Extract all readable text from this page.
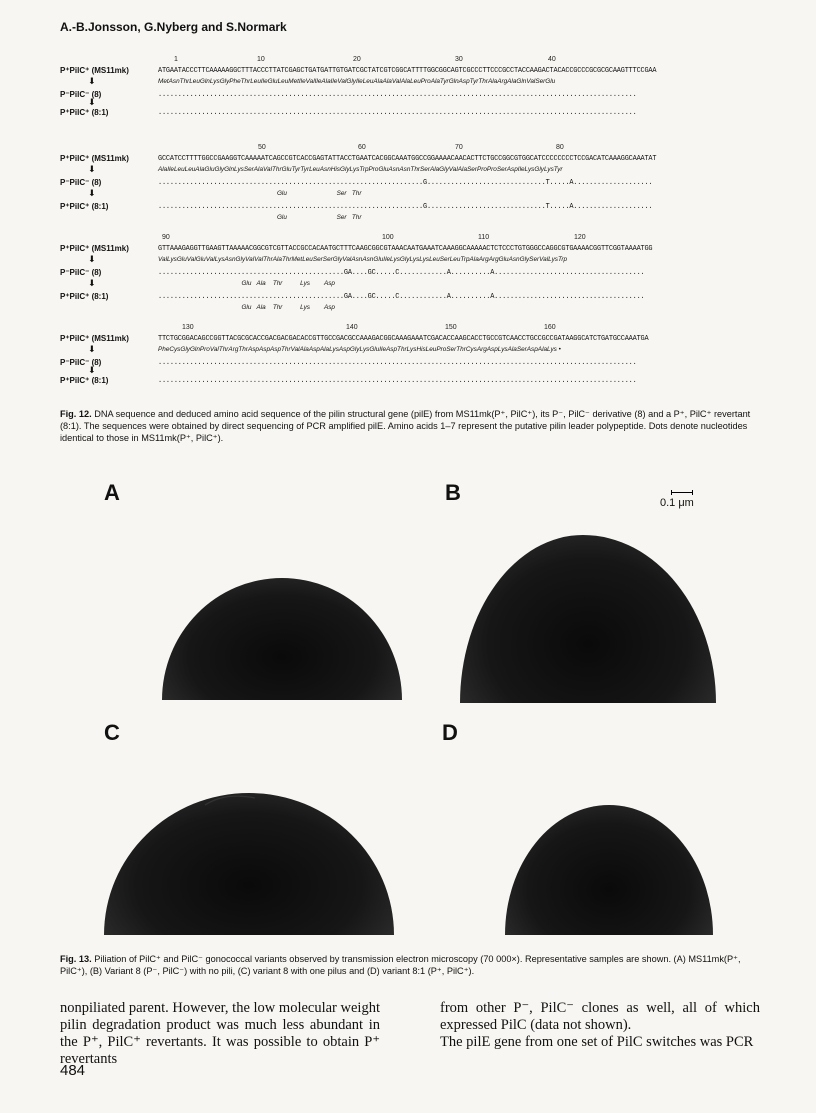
A.-B.Jonsson, G.Nyberg and S.Normark
1	10	20	30	40
P⁺PilC⁺ (MS11mk)	ATGAATACCCTTCAAAAAGGCTTTACCCTTATCGAGCTGATGATTGTGATCGCTATCGTCGGCATTTTGGCGGCAGTCGCCCTTCCCGCCTACCAAGACTACACCGCCCGCGCGCAAGTTTCCGAA
MetAsnThrLeuGlnLysGlyPheThrLeuIleGluLeuMetIleValIleAlaIleValGlyIleLeuAlaAlaValAlaLeuProAlaTyrGlnAspTyrThrAlaArgAlaGlnValSerGlu
⬇
P⁻PilC⁻ (8)	.........................................................................................................................
⬇
P⁺PilC⁺ (8:1)	.........................................................................................................................
50	60	70	80
P⁺PilC⁺ (MS11mk)	GCCATCCTTTTGGCCGAAGGTCAAAAATCAGCCGTCACCGAGTATTACCTGAATCACGGCAAATGGCCGGAAAACAACACTTCTGCCGGCGTGGCATCCCCCCCCTCCGACATCAAAGGCAAATAT
AlaIleLeuLeuAlaGluGlyGlnLysSerAlaValThrGluTyrTyrLeuAsnHisGlyLysTrpProGluAsnAsnThrSerAlaGlyValAlaSerProProSerAspIleLysGlyLysTyr
⬇
P⁻PilC⁻ (8)	...................................................................G..............................T.....A....................
Glu                            Ser   Thr
⬇
P⁺PilC⁺ (8:1)	...................................................................G..............................T.....A....................
Glu                            Ser   Thr
90	100	110	120
P⁺PilC⁺ (MS11mk)	GTTAAAGAGGTTGAAGTTAAAAACGGCGTCGTTACCGCCACAATGCTTTCAAGCGGCGTAAACAATGAAATCAAAGGCAAAAACTCTCCCTGTGGGCCAGGCGTGAAAACGGTTCGGTAAAATGG
ValLysGluValGluValLysAsnGlyValValThrAlaThrMetLeuSerSerGlyValAsnAsnGluIleLysGlyLysLysLeuSerLeuTrpAlaArgArgGluAsnGlySerValLysTrp
⬇
P⁻PilC⁻ (8)	...............................................GA....GC.....C............A..........A......................................
Glu   Ala    Thr          Lys        Asp
⬇
P⁺PilC⁺ (8:1)	...............................................GA....GC.....C............A..........A......................................
Glu   Ala    Thr          Lys        Asp
130	140	150	160
P⁺PilC⁺ (MS11mk)	TTCTGCGGACAGCCGGTTACGCGCACCGACGACGACACCGTTGCCGACGCCAAAGACGGCAAAGAAATCGACACCAAGCACCTGCCGTCAACCTGCCGCCGATAAGGCATCTGATGCCAAATGA
PheCysGlyGlnProValThrArgThrAspAspAspThrValAlaAspAlaLysAspGlyLysGluIleAspThrLysHisLeuProSerThrCysArgAspLysAlaSerAspAlaLys •
⬇
P⁻PilC⁻ (8)	.........................................................................................................................
⬇
P⁺PilC⁺ (8:1)	.........................................................................................................................
Fig. 12. DNA sequence and deduced amino acid sequence of the pilin structural gene (pilE) from MS11mk(P⁺, PilC⁺), its P⁻, PilC⁻ derivative (8) and a P⁺, PilC⁺ revertant (8:1). The sequences were obtained by direct sequencing of PCR amplified pilE. Amino acids 1–7 represent the putative pilin leader polypeptide. Dots denote nucleotides identical to those in MS11mk(P⁺, PilC⁺).
A	B
C	D
0.1 μm
Fig. 13. Piliation of PilC⁺ and PilC⁻ gonococcal variants observed by transmission electron microscopy (70 000×). Representative samples are shown. (A) MS11mk(P⁺, PilC⁺), (B) Variant 8 (P⁻, PilC⁻) with no pili, (C) variant 8 with one pilus and (D) variant 8:1 (P⁺, PilC⁺).
nonpiliated parent. However, the low molecular weight pilin degradation product was much less abundant in the P⁺, PilC⁺ revertants. It was possible to obtain P⁺ revertants
from other P⁻, PilC⁻ clones as well, all of which expressed PilC (data not shown).
The pilE gene from one set of PilC switches was PCR
484
